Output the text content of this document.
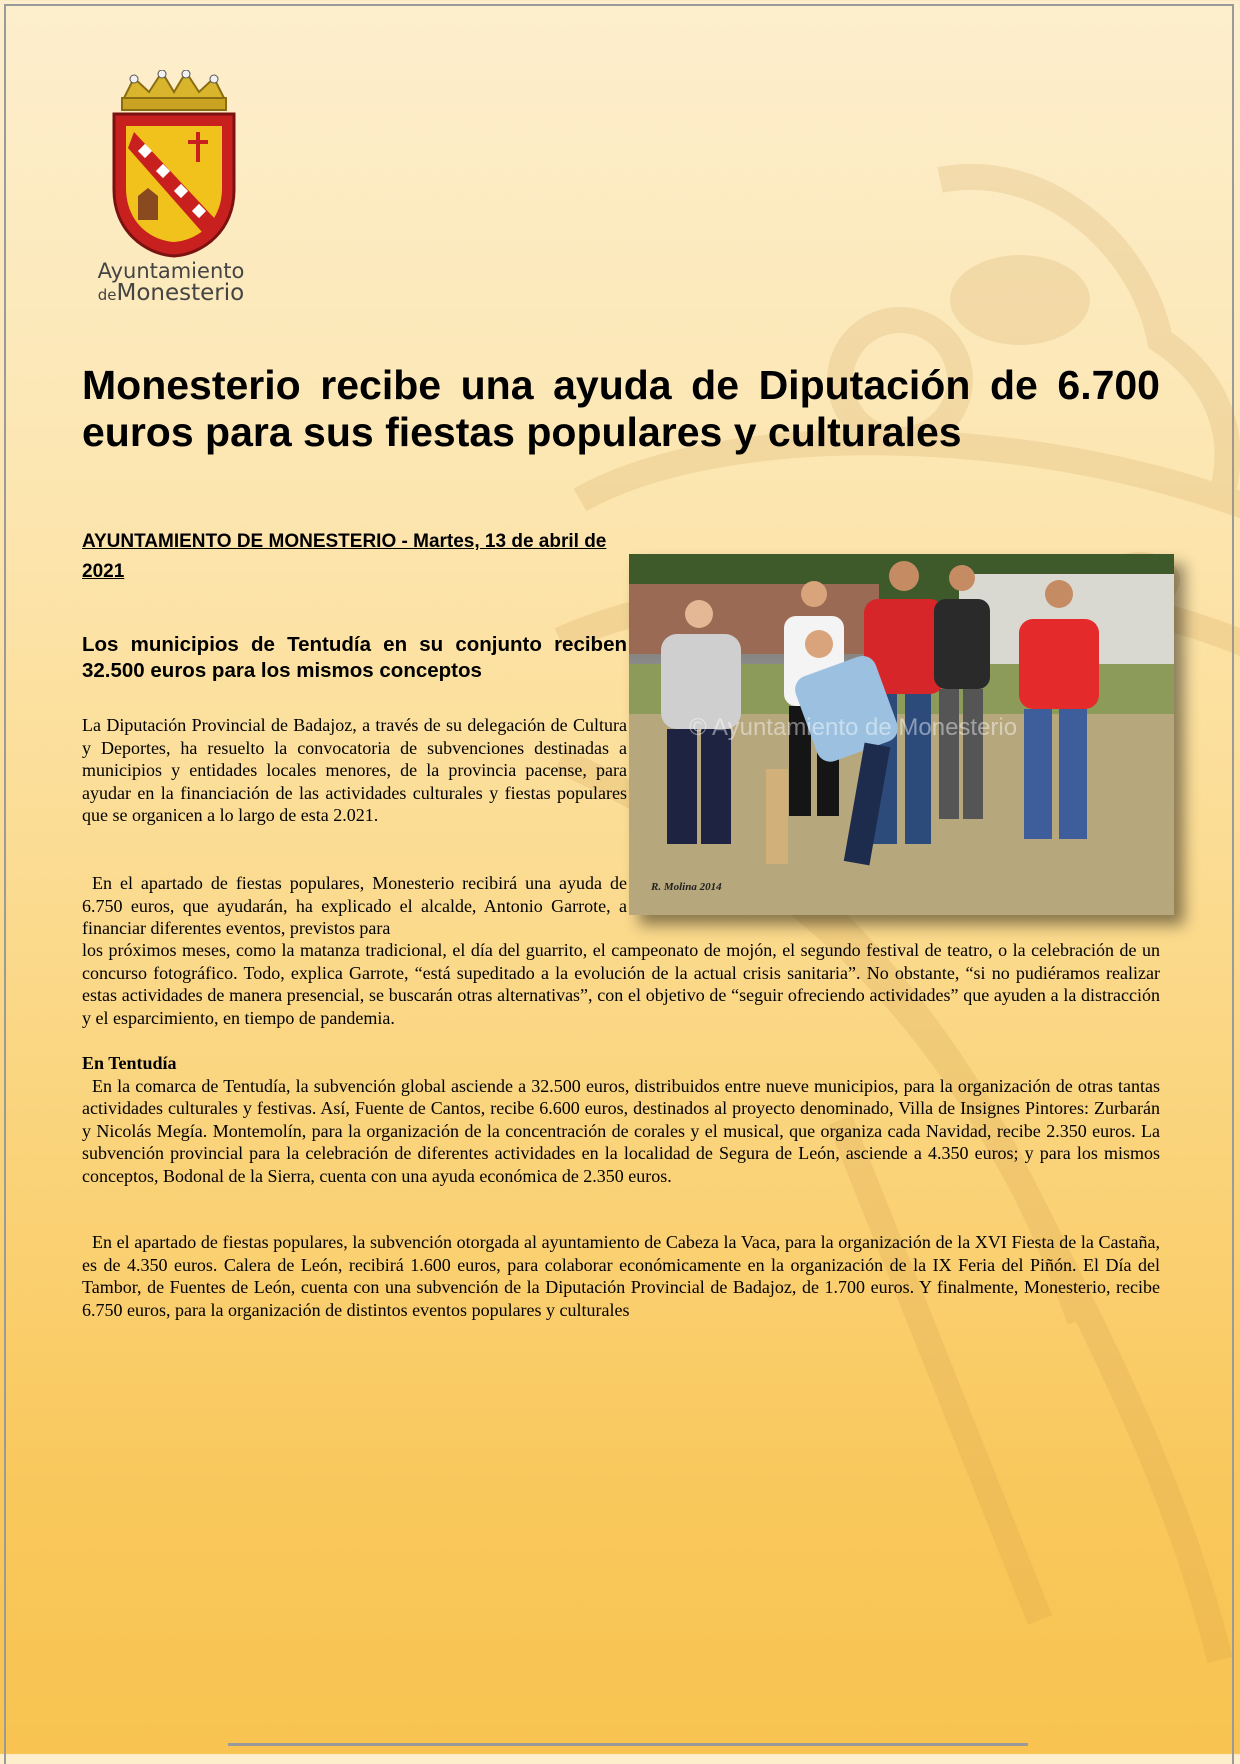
Ayuntamiento
deMonesterio
Monesterio recibe una ayuda de Diputación de 6.700 euros para sus fiestas populares y culturales
AYUNTAMIENTO DE MONESTERIO - Martes, 13 de abril de 2021
Los municipios de Tentudía en su conjunto reciben 32.500 euros para los mismos conceptos
© Ayuntamiento de Monesterio
R. Molina 2014

La Diputación Provincial de Badajoz, a través de su delegación de Cultura y Deportes, ha resuelto la convocatoria de subvenciones destinadas a municipios y entidades locales menores, de la provincia pacense, para ayudar en la financiación de las actividades culturales y fiestas populares que se organicen a lo largo de esta 2.021.

En el apartado de fiestas populares, Monesterio recibirá una ayuda de 6.750 euros, que ayudarán, ha explicado el alcalde, Antonio Garrote, a financiar diferentes eventos, previstos para

los próximos meses, como la matanza tradicional, el día del guarrito, el campeonato de mojón, el segundo festival de teatro, o la celebración de un concurso fotográfico. Todo, explica Garrote, “está supeditado a la evolución de la actual crisis sanitaria”. No obstante, “si no pudiéramos realizar estas actividades de manera presencial, se buscarán otras alternativas”, con el objetivo de “seguir ofreciendo actividades” que ayuden a la distracción y el esparcimiento, en tiempo de pandemia.

En Tentudía
En la comarca de Tentudía, la subvención global asciende a 32.500 euros, distribuidos entre nueve municipios, para la organización de otras tantas actividades culturales y festivas. Así, Fuente de Cantos, recibe 6.600 euros, destinados al proyecto denominado, Villa de Insignes Pintores: Zurbarán y Nicolás Megía. Montemolín, para la organización de la concentración de corales y el musical, que organiza cada Navidad, recibe 2.350 euros. La subvención provincial para la celebración de diferentes actividades en la localidad de Segura de León, asciende a 4.350 euros; y para los mismos conceptos, Bodonal de la Sierra, cuenta con una ayuda económica de 2.350 euros.

En el apartado de fiestas populares, la subvención otorgada al ayuntamiento de Cabeza la Vaca, para la organización de la XVI Fiesta de la Castaña, es de 4.350 euros. Calera de León, recibirá 1.600 euros, para colaborar económicamente en la organización de la IX Feria del Piñón. El Día del Tambor, de Fuentes de León, cuenta con una subvención de la Diputación Provincial de Badajoz, de 1.700 euros. Y finalmente, Monesterio, recibe 6.750 euros, para la organización de distintos eventos populares y culturales
